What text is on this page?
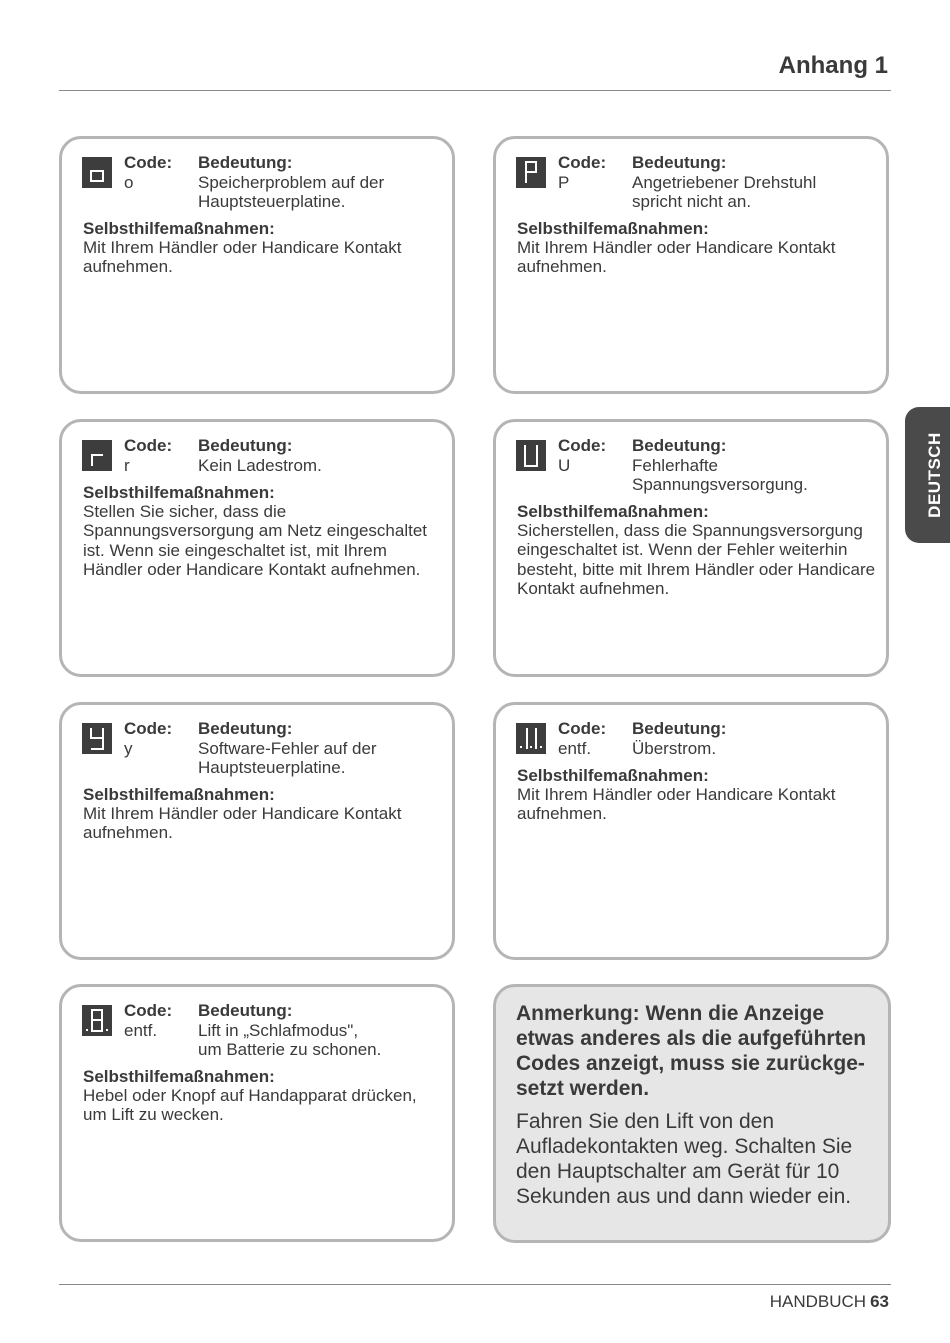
Anhang 1
DEUTSCH
Code:
o
Bedeutung:
Speicherproblem auf der
Hauptsteuerplatine.
Selbsthilfemaßnahmen:
Mit Ihrem Händler oder Handicare Kontakt aufnehmen.
Code:
P
Bedeutung:
Angetriebener Drehstuhl
spricht nicht an.
Selbsthilfemaßnahmen:
Mit Ihrem Händler oder Handicare Kontakt aufnehmen.
Code:
r
Bedeutung:
Kein Ladestrom.
Selbsthilfemaßnahmen:
Stellen Sie sicher, dass die Spannungsversorgung am Netz eingeschaltet ist. Wenn sie eingeschaltet ist, mit Ihrem Händler oder Handicare Kontakt aufnehmen.
Code:
U
Bedeutung:
Fehlerhafte
Spannungsversorgung.
Selbsthilfemaßnahmen:
Sicherstellen, dass die Spannungsversorgung eingeschaltet ist. Wenn der Fehler weiterhin besteht, bitte mit Ihrem Händler oder Handicare Kontakt aufnehmen.
Code:
y
Bedeutung:
Software-Fehler auf der
Hauptsteuerplatine.
Selbsthilfemaßnahmen:
Mit Ihrem Händler oder Handicare Kontakt aufnehmen.
Code:
entf.
Bedeutung:
Überstrom.
Selbsthilfemaßnahmen:
Mit Ihrem Händler oder Handicare Kontakt aufnehmen.
Code:
entf.
Bedeutung:
Lift in „Schlafmodus",
um Batterie zu schonen.
Selbsthilfemaßnahmen:
Hebel oder Knopf auf Handapparat drücken, um Lift zu wecken.
Anmerkung: Wenn die Anzeige etwas anderes als die aufgeführten Codes anzeigt, muss sie zurückge-setzt werden.
Fahren Sie den Lift von den Aufladekontakten weg. Schalten Sie den Hauptschalter am Gerät für 10 Sekunden aus und dann wieder ein.
HANDBUCH 63
